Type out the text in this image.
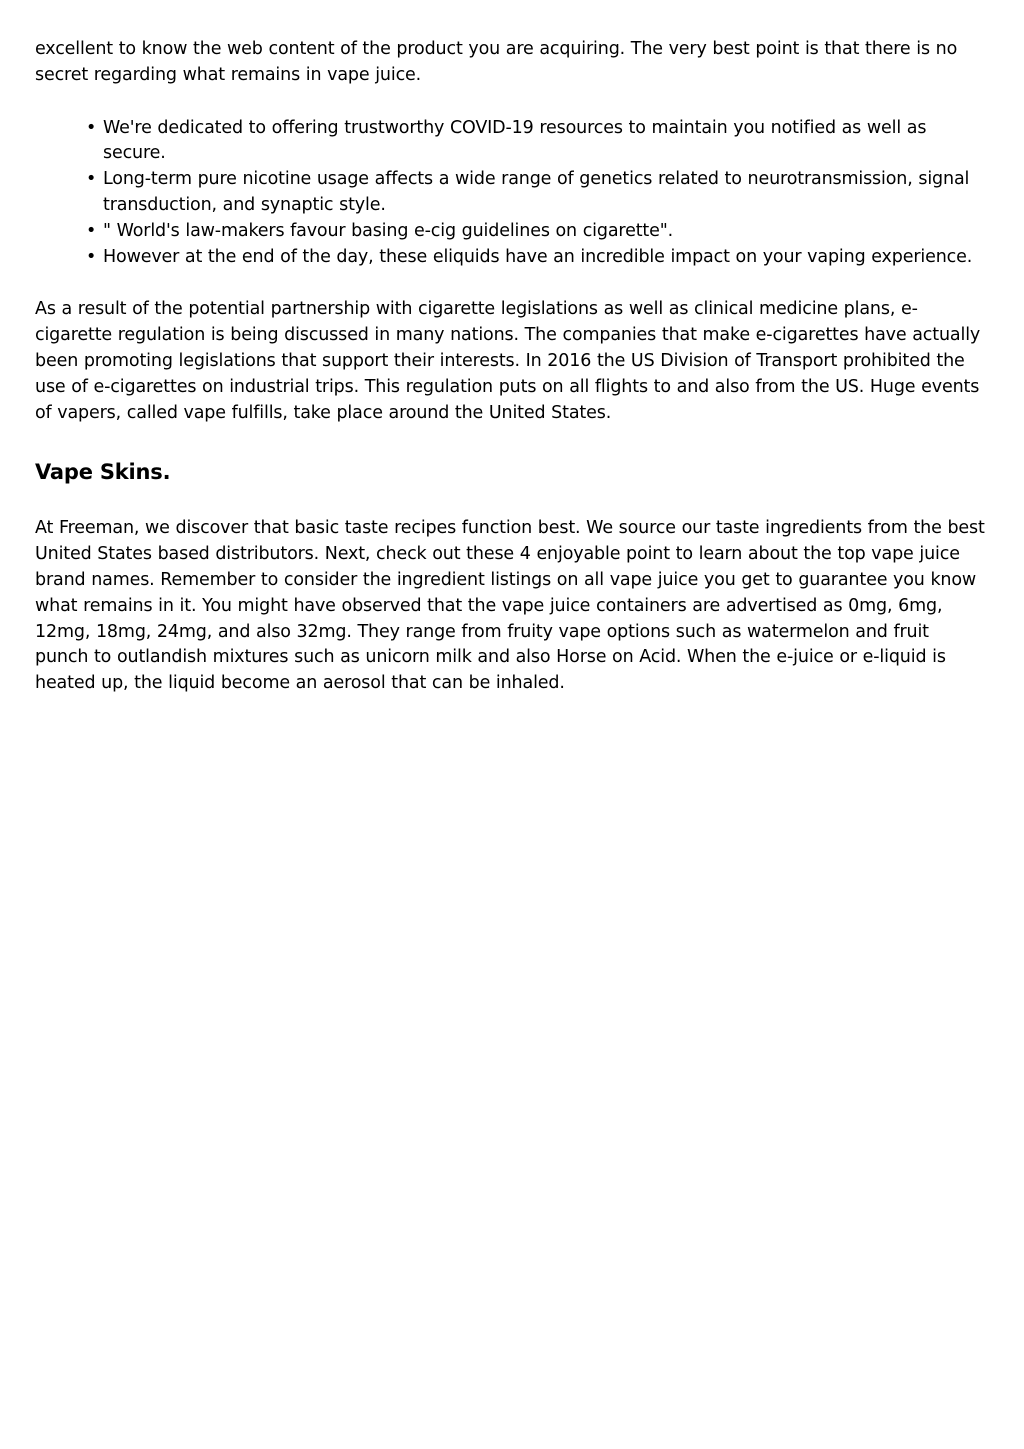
excellent to know the web content of the product you are acquiring. The very best point is that there is no secret regarding what remains in vape juice.

• We're dedicated to offering trustworthy COVID-19 resources to maintain you notified as well as secure.
• Long-term pure nicotine usage affects a wide range of genetics related to neurotransmission, signal transduction, and synaptic style.
• " World's law-makers favour basing e-cig guidelines on cigarette".
• However at the end of the day, these eliquids have an incredible impact on your vaping experience.

As a result of the potential partnership with cigarette legislations as well as clinical medicine plans, e-cigarette regulation is being discussed in many nations. The companies that make e-cigarettes have actually been promoting legislations that support their interests. In 2016 the US Division of Transport prohibited the use of e-cigarettes on industrial trips. This regulation puts on all flights to and also from the US. Huge events of vapers, called vape fulfills, take place around the United States.

Vape Skins.

At Freeman, we discover that basic taste recipes function best. We source our taste ingredients from the best United States based distributors. Next, check out these 4 enjoyable point to learn about the top vape juice brand names. Remember to consider the ingredient listings on all vape juice you get to guarantee you know what remains in it. You might have observed that the vape juice containers are advertised as 0mg, 6mg, 12mg, 18mg, 24mg, and also 32mg. They range from fruity vape options such as watermelon and fruit punch to outlandish mixtures such as unicorn milk and also Horse on Acid. When the e-juice or e-liquid is heated up, the liquid become an aerosol that can be inhaled.
